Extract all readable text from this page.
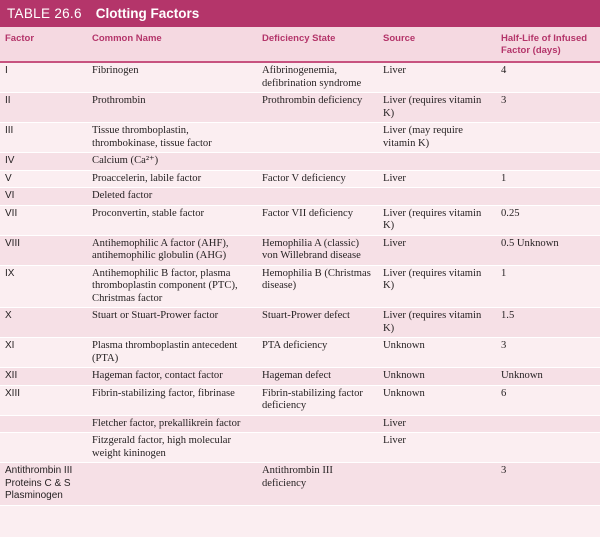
TABLE 26.6 Clotting Factors
Factor	Common Name	Deficiency State	Source	Half-Life of Infused Factor (days)
I	Fibrinogen	Afibrinogenemia, defibrination syndrome	Liver	4
II	Prothrombin	Prothrombin deficiency	Liver (requires vitamin K)	3
III	Tissue thromboplastin, thrombokinase, tissue factor		Liver (may require vitamin K)	
IV	Calcium (Ca²⁺)			
V	Proaccelerin, labile factor	Factor V deficiency	Liver	1
VI	Deleted factor			
VII	Proconvertin, stable factor	Factor VII deficiency	Liver (requires vitamin K)	0.25
VIII	Antihemophilic A factor (AHF), antihemophilic globulin (AHG)	Hemophilia A (classic) von Willebrand disease	Liver	0.5 Unknown
IX	Antihemophilic B factor, plasma thromboplastin component (PTC), Christmas factor	Hemophilia B (Christmas disease)	Liver (requires vitamin K)	1
X	Stuart or Stuart-Prower factor	Stuart-Prower defect	Liver (requires vitamin K)	1.5
XI	Plasma thromboplastin antecedent (PTA)	PTA deficiency	Unknown	3
XII	Hageman factor, contact factor	Hageman defect	Unknown	Unknown
XIII	Fibrin-stabilizing factor, fibrinase	Fibrin-stabilizing factor deficiency	Unknown	6
	Fletcher factor, prekallikrein factor		Liver	
	Fitzgerald factor, high molecular weight kininogen		Liver	
Antithrombin III Proteins C & S Plasminogen		Antithrombin III deficiency		3
